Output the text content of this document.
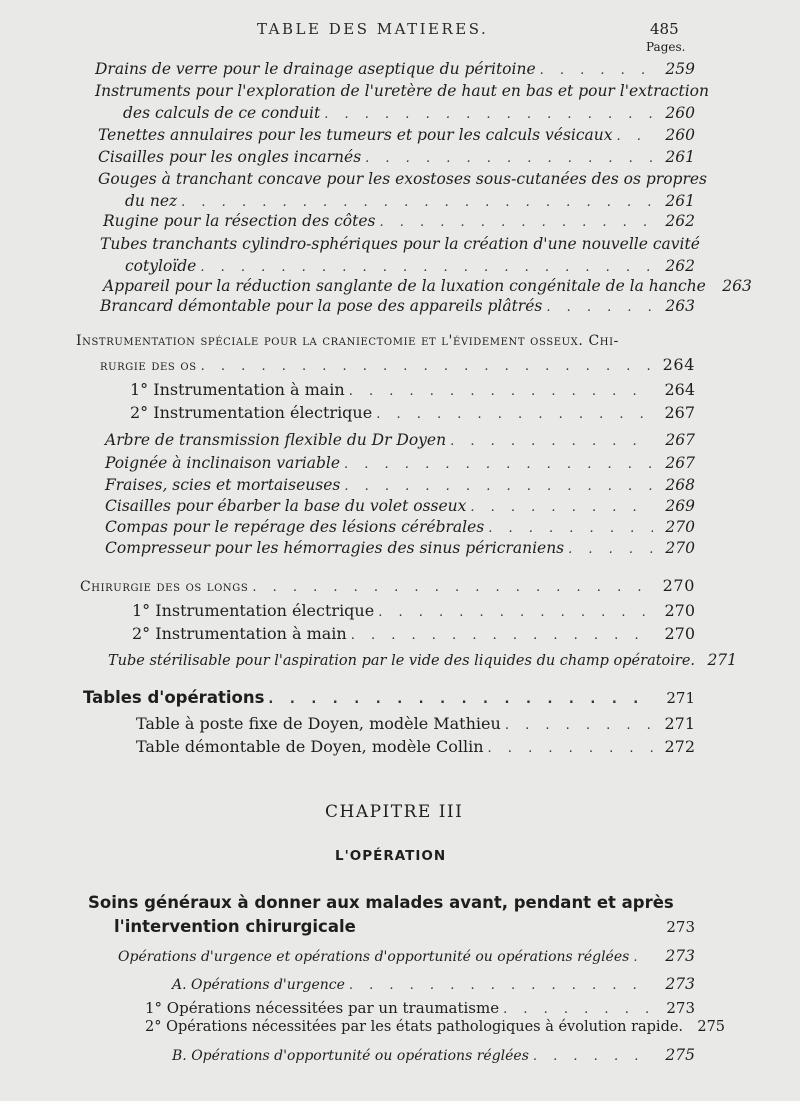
TABLE DES MATIERES.	485
Pages.
Drains de verre pour le drainage aseptique du péritoine . . .	259
Instruments pour l'exploration de l'uretère de haut en bas et pour l'extraction
des calculs de ce conduit . . .	260
Tenettes annulaires pour les tumeurs et pour les calculs vésicaux . . .	260
Cisailles pour les ongles incarnés . . .	261
Gouges à tranchant concave pour les exostoses sous-cutanées des os propres
du nez . . .	261
Rugine pour la résection des côtes . . .	262
Tubes tranchants cylindro-sphériques pour la création d'une nouvelle cavité
cotyloïde . . .	262
Appareil pour la réduction sanglante de la luxation congénitale de la hanche . . .	263
Brancard démontable pour la pose des appareils plâtrés . . .	263
Instrumentation spéciale pour la craniectomie et l'évidement osseux. Chi-
rurgie des os . . .	264
1° Instrumentation à main . . .	264
2° Instrumentation électrique . . .	267
Arbre de transmission flexible du Dr Doyen . . .	267
Poignée à inclinaison variable . . .	267
Fraises, scies et mortaiseuses . . .	268
Cisailles pour ébarber la base du volet osseux . . .	269
Compas pour le repérage des lésions cérébrales . . .	270
Compresseur pour les hémorragies des sinus péricraniens . . .	270
Chirurgie des os longs . . .	270
1° Instrumentation électrique . . .	270
2° Instrumentation à main . . .	270
Tube stérilisable pour l'aspiration par le vide des liquides du champ opératoire. 271
Tables d'opérations . . .	271
Table à poste fixe de Doyen, modèle Mathieu . . .	271
Table démontable de Doyen, modèle Collin . . .	272
CHAPITRE III
L'OPÉRATION
Soins généraux à donner aux malades avant, pendant et après
l'intervention chirurgicale	273
Opérations d'urgence et opérations d'opportunité ou opérations réglées . . .	273
A. Opérations d'urgence . . .	273
1° Opérations nécessitées par un traumatisme . . .	273
2° Opérations nécessitées par les états pathologiques à évolution rapide. 275
B. Opérations d'opportunité ou opérations réglées . . .	275
